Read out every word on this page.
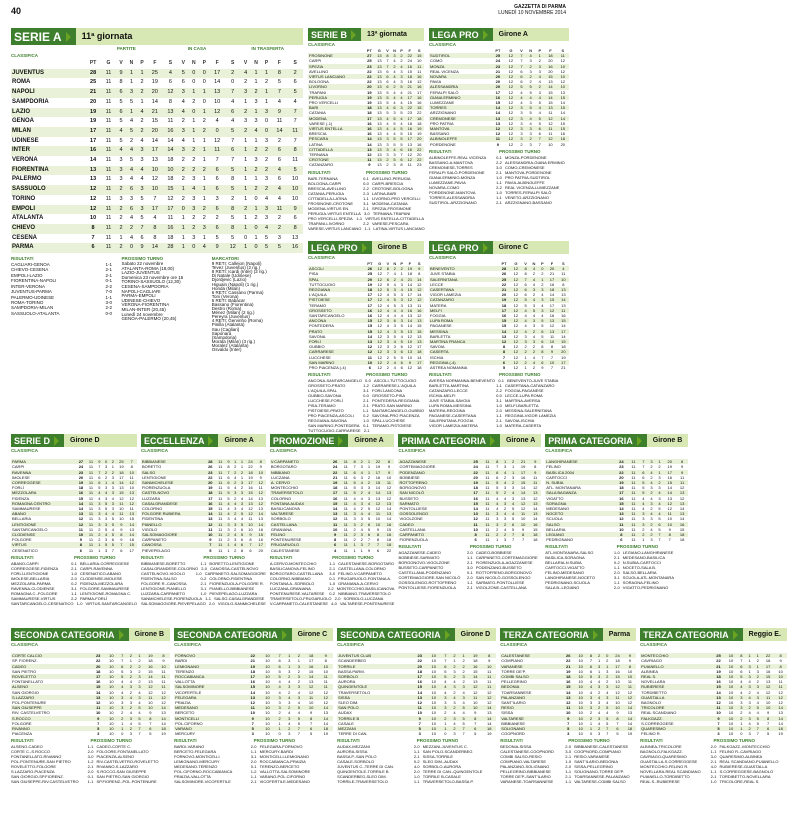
40	GAZZETTA DI PARMA
LUNEDÌ 10 NOVEMBRE 2014
SERIE A	11ª giornata
PARTITE	IN CASA	IN TRASFERTA
CLASSIFICA
	PT	G	V	N	P	F	S	V	N	P	F	S	V	N	P	F	S
JUVENTUS	28	11	9	1	1	25	4	5	0	0	17	2	4	1	1	8	2
ROMA	25	11	8	1	2	19	6	6	0	0	14	0	2	1	2	5	6
NAPOLI	21	11	6	3	2	20	12	3	1	1	13	7	3	2	1	7	5
SAMPDORIA	20	11	5	5	1	14	8	4	2	0	10	4	1	3	1	4	4
LAZIO	19	11	6	1	4	21	13	4	0	1	12	6	2	1	3	9	7
GENOA	19	11	5	4	2	15	11	2	1	2	4	4	3	3	0	11	7
MILAN	17	11	4	5	2	20	16	3	1	2	0	5	2	4	0	14	11
UDINESE	17	11	5	2	4	14	14	4	1	1	12	7	1	1	3	2	7
INTER	16	11	4	4	3	17	14	3	2	1	11	6	1	2	2	6	8
VERONA	14	11	3	5	3	13	18	2	2	1	7	7	1	3	2	6	11
FIORENTINA	13	11	3	4	4	10	10	2	2	2	6	5	1	2	2	4	5
PALERMO	13	11	3	4	4	12	18	2	3	1	6	8	1	1	3	6	10
SASSUOLO	12	11	2	6	3	10	15	1	4	1	6	5	1	2	2	4	10
TORINO	12	11	3	3	5	7	12	2	3	1	3	2	1	0	4	4	10
EMPOLI	12	11	2	6	3	17	17	0	3	2	6	8	2	1	3	11	9
ATALANTA	10	11	2	4	5	4	11	1	2	2	2	5	1	2	3	2	6
CHIEVO	8	11	2	2	7	8	16	1	2	3	6	8	1	0	4	2	8
CESENA	7	11	1	4	6	8	18	1	3	1	5	5	0	1	5	3	13
PARMA	6	11	2	0	9	14	28	1	0	4	9	12	1	0	5	5	16
RISULTATI
CAGLIARI-GENOA	1-1
CHIEVO-CESENA	2-1
EMPOLI-LAZIO	2-1
FIORENTINA-NAPOLI	0-1
INTER-VERONA	2-2
JUVENTUS-PARMA	7-0
PALERMO-UDINESE	1-1
ROMA-TORINO	3-0
SAMPDORIA-MILAN	2-2
SASSUOLO-ATALANTA	0-0
PROSSIMO TURNO
Sabato 22 novembre
ATALANTA-ROMA (18,00)
LAZIO-JUVENTUS
Domenica 23 novembre ore 15
TORINO-SASSUOLO (12,30)
CESENA-SAMPDORIA
NAPOLI-CAGLIARI
PARMA-EMPOLI
UDINESE-CHIEVO
VERONA-FIORENTINA
MILAN-INTER (20,45)
Lunedì 24 novembre
GENOA-PALERMO (20,45)
MARCATORI
9 RETI: Callejon (Napoli)
Tevez (Juventus) (2 rig.)
8 RETI: Icardi (Inter) (2 rig.)
Di Natale (Udinese)
Djordjevic (Lazio)
Higuain (Napoli) (1 rig.)
Honda (Milan)
6 RETI: Cassano (Parma)
Toni (Verona)
5 RETI: Babacar
Bassano (Fiorentina)
Destro (Roma)
Ménez (Milan) (2 rig.)
Pereyra (Juventus)
4 RETI: Gervinho (Roma)
Pinilla (Atalanta)
Sau (Cagliari)
Saponara
(Sampdoria)
Morata (Milan) (3 rig.)
Moralez (Atalanta)
Osvaldo (Inter)
SERIE B	13ª giornata
CLASSIFICA
	PT	G	V	N	P	F	S
FROSINONE	27	13	8	3	2	22	15
CARPI	25	13	7	4	2	24	10
SPEZIA	23	13	7	2	4	16	11
AVELLINO	22	13	6	4	3	15	11
VIRTUS LANCIANO	22	13	6	4	3	18	16
BOLOGNA	22	13	6	4	3	16	12
LIVORNO	20	13	6	2	5	21	16
TRAPANI	19	13	5	4	4	21	17
PERUGIA	19	13	5	4	4	17	16
PRO VERCELLI	19	13	5	4	4	15	16
BARI	18	13	4	6	3	22	15
CATANIA	18	13	5	3	5	23	22
MODENA	17	13	4	5	4	17	18
VARESE (-1)	16	13	4	5	4	18	18
VIRTUS ENTELLA	16	13	4	4	5	16	19
BRESCIA	16	13	4	4	5	15	19
PESCARA	14	13	3	5	5	17	20
LATINA	14	13	3	5	5	13	16
CITTADELLA	13	13	3	4	6	16	22
TERNANA	12	13	3	3	7	12	20
CROTONE	11	13	2	5	6	12	22
CATANZARO	9	13	2	3	8	11	23
RISULTATI	PROSSIMO TURNO
BARI-TERNANA	0-1 AVELLINO-PERUGIA
BOLOGNA-CARPI	0-0 CARPI-BRESCIA
BRESCIA-AVELLINO	2-2 CROTONE-BOLOGNA
CATANIA-PERUGIA	2-3 LATINA-BARI
CITTADELLA-LATINA	1-1 LIVORNO-PRO VERCELLI
FROSINONE-CROTONE	3-1 MODENA-CATANIA
MODENA-VIRTUS EN.	2-1 SPEZIA-FROSINONE
PERUGIA-VIRTUS ENTELLA 3-0 TERNANA-TRAPANI
PRO VERCELLI-SPEZIA 1-1 VIRTUS ENTELLA-CITTADELLA
TRAPANI-LIVORNO	2-2 VARESE-PESCARA
VARESE-VIRTUS LANCIANO 1-1 LATINA-VIRTUS LANCIANO
LEGA PRO	Girone A
CLASSIFICA
	PT	G	V	N	P	F	S
SUDTIROL	25	12	7	4	1	18	11
COMO	24	12	7	3	2	20	12
MONZA	23	12	7	2	3	16	10
REAL VICENZA	21	12	6	3	3	20	12
NOVARA	20	12	6	2	4	15	10
PAVIA	20	12	6	2	4	13	12
ALESSANDRIA	20	12	5	5	2	14	10
FERALPI SALÒ	17	12	4	5	3	15	13
GIANA ERMINIO	16	12	4	4	4	14	15
LUMEZZANE	15	12	4	3	5	15	14
TORRES	14	12	3	5	4	13	15
ARZZIGNANO	14	12	3	5	4	11	14
CREMONESE	13	12	3	4	5	12	14
PRO PATRIA	13	12	3	4	5	12	15
MANTOVA	12	12	3	3	6	11	15
BASSANO	12	12	3	3	6	11	16
ALBINOLEFFE	11	12	3	2	7	12	18
PORDENONE	9	12	2	3	7	10	20
RISULTATI	PROSSIMO TURNO
ALBINOLEFFE-REAL VICENZA	0-1 MONZA-PORDENONE
BASSANO-A.MANTOVA	2-2 ALESSANDRIA-GIANA ERMINIO
CREMONESE-TORRES	3-0 COMO-CREMONESE
FERALPI SALÒ-PORDENONE	2-1 MANTOVA-PORDENONE
GIANA ERMINIO-MONZA	1-0 PRO PATRIA-SUDTIROL
LUMEZZANE-PAVIA	1-1 PAVIA-ALBINOLEFFE
NOVARA-COMO	2-2 REAL VICENZA-LUMEZZANE
PORDENONE-MANTOVA	1-0 TORRES-FERALPI SALÒ
TORRES-ALESSANDRIA	1-1 VENETO-ARZZIGNANO
SUDTIROL-ARZZIGNANO	2-1 ARZZIGNANO-BASSANO
LEGA PRO	Girone B
CLASSIFICA
	PT	G	V	N	P	F	S
ASCOLI	26	12	8	2	2	19	9
PISA	25	12	7	4	1	18	8
SPAL	20	12	6	2	4	21	14
TUTTOCUOIO	19	12	5	4	3	14	12
REGGIANA	18	12	5	3	4	15	12
L'AQUILA	17	12	4	5	3	17	14
PISTOIESE	17	12	4	5	3	12	12
TERAMO	17	12	4	5	3	13	11
GROSSETO	16	12	4	4	4	16	16
SANTARCANGELO	16	12	4	4	4	13	12
ANCONA	15	12	3	6	3	14	13
PONTEDERA	15	12	4	3	5	14	15
PRATO	15	12	4	3	5	13	15
SAVONA	14	12	3	5	4	12	13
FORLÌ	13	12	3	4	5	10	13
GUBBIO	12	12	3	3	6	12	17
CARRARESE	12	12	3	3	6	13	18
LUCCHESE	11	12	2	5	5	10	14
SAN MARINO	10	12	2	4	6	9	17
PRO PIACENZA (-4)	6	12	2	4	6	12	18
RISULTATI	PROSSIMO TURNO
ANCONA-SANTARCANGELO 0-0 ASCOLI-TUTTOCUOIO
GROSSETO-PRATO	1-2 CARRARESE-L'AQUILA
L'AQUILA-SPAL	3-1 FORLÌ-ANCONA
GUBBIO-SAVONA	0-0 GROSSETO-PISA
LUCCHESE-FORLÌ	2-1 PONTEDERA-REGGIANA
PISA-TERAMO	2-1 PRATO-SAN MARINO
PISTOIESE-PRATO	1-1 SANTARCANGELO-GUBBIO
PRO PIACENZA-ASCOLI	0-2 SAVONA-PRO PIACENZA
REGGIANA-SAVONA	1-0 SPAL-LUCCHESE
SAN MARINO-PONTEDERA 0-1 TERAMO-PISTOIESE
TUTTOCUOIO-CARRARESE 2-1
LEGA PRO	Girone C
CLASSIFICA
	PT	G	V	N	P	F	S
BENEVENTO	28	12	8	4	0	20	4
JUVE STABIA	26	12	8	2	2	21	11
SALERNITANA	25	12	7	4	1	17	10
LECCE	22	12	6	4	2	16	8
CASERTANA	21	12	6	3	3	18	13
VIGOR LAMEZIA	20	12	6	2	4	14	13
CATANZARO	19	12	5	4	3	15	14
MATERA	18	12	5	3	4	17	13
MELFI	17	12	4	5	3	12	11
FOGGIA	16	12	4	4	4	16	16
LUPA ROMA	15	12	4	3	5	13	15
PAGANESE	15	12	4	3	5	12	14
MESSINA	14	12	4	2	6	13	17
BARLETTA	13	12	3	4	5	11	14
MARTINA FRANCA	12	12	3	3	6	10	15
SAVOIA	8	12	2	2	8	8	18
CASERTA	8	12	2	2	8	9	20
ISCHIA	7	12	1	4	7	7	19
REGGINA (-4)	6	12	2	4	6	10	17
ASTREA NOMANNA	5	12	1	2	9	7	21
RISULTATI	PROSSIMO TURNO
AVERSA NORMANNA-BENEVENTO 0-1 BENEVENTO-JUVE STABIA
BARLETTA-MARTINA	1-1 CASERTANA-CATANZARO
CATANZARO-LECCE	2-2 FOGGIA-PAGANESE
ISCHIA-MELFI	0-0 LECCE-LUPA ROMA
JUVE STABIA-SAVOIA	3-1 MARTINA-AVERSA
LUPA ROMA-MESSINA	1-0 MELFI-BARLETTA
MATERA-REGGINA	2-0 MESSINA-SALERNITANA
PAGANESE-CASERTANA	1-1 REGGINA-VIGOR LAMEZIA
SALERNITANA-FOGGIA	2-1 SAVOIA-ISCHIA
VIGOR LAMEZIA-MATERA	1-0 MATERA-CASERTA
SERIE D	Girone D
CLASSIFICA

PARMA	27	11	9	0	2	25	7
CARPI	24	11	7	3	1	19	8
RAVENNA	23	11	7	2	2	18	10
IMOLESE	20	11	6	2	3	17	11
CORREGGESE	19	11	6	1	4	14	12
FORLÌ	18	11	5	3	3	13	10
MEZZOLARA	16	11	4	4	3	15	13
FIDENZA	15	11	4	3	4	12	12
ROMAGNA CENTRO	14	11	3	5	3	11	12
SAMMAURESE	14	11	3	5	3	10	11
ABANO	13	11	3	4	4	11	13
BELLARIA	12	11	3	3	5	10	15
LENTIGIONE	12	11	3	3	5	9	14
SANTARCANGELO	11	11	2	5	4	9	13
CLODIENSE	10	11	2	4	5	8	14
FOLGORE	9	11	2	3	6	9	18
VIRTUS	8	11	1	5	5	7	15
CESENATICO	6	11	1	3	7	6	17
RISULTATI	PROSSIMO TURNO
ABANO-CARPI	0-1 BELLARIA-CORREGGESE
CORREGGESE-FIDENZA	2-1 CARPI-RAVENNA
FORLÌ-LENTIGIONE	1-0 CESENATICO-ABANO
IMOLESE-BELLARIA	2-0 CLODIENSE-IMOLESE
MEZZOLARA-PARMA	0-2 FIDENZA-MEZZOLARA
RAVENNA-CLODIENSE	3-1 FOLGORE-SAMMAURESE
ROMAGNA C.-FOLGORE	1-1 LENTIGIONE-ROMAGNA C.
SAMMAURESE-VIRTUS	2-2 PARMA-FORLÌ
SANTARCANGELO-CESENATICO 1-0 VIRTUS-SANTARCANGELO
ECCELLENZA	Girone A
CLASSIFICA

BIBBIANESE	28	11	9	1	1	24	8
BORETTO	26	11	8	2	1	22	9
SALSO	23	11	7	2	2	18	10
LENTIGIONE	22	11	6	4	1	19	9
SANMICHELESE	20	11	6	2	3	17	12
FIORENZUOLA	19	11	5	4	2	16	11
CASTELNOVO	18	11	5	3	3	15	12
LUZZARA	17	11	5	2	4	14	13
CASALGRANDESE	16	11	4	4	3	13	12
COLORNO	15	11	4	3	4	12	13
FOLGORE RUBIERA	14	11	4	2	5	12	14
FIDENTINA	13	11	3	4	4	11	13
PIANELLO	12	11	3	3	5	10	14
VIGOLO	11	11	3	2	6	10	16
SALSOMAGGIORE	10	11	2	4	5	9	15
CARPANETO	9	11	2	3	6	8	16
CANOSSA	7	11	1	4	6	7	17
PIEVEPELAGO	5	11	1	2	8	6	20
RISULTATI	PROSSIMO TURNO
BIBBIANESE-BORETTO	1-1 BORETTO-LENTIGIONE
CASALGRANDESE-COLORNO 2-0 CANOSSA-CASTELNOVO
CASTELNOVO-VIGOLO	1-0 CARPANETO-SALSOMAGGIORE
FIDENTINA-SALSO	0-2 COLORNO-FIDENTINA
FOLGORE R.-CANOSSA	2-1 FIORENZUOLA-FOLGORE R.
LENTIGIONE-PIANELLO	3-1 PIANELLO-BIBBIANESE
LUZZARA-CARPANETO	1-0 PIEVEPELAGO-LUZZARA
SANMICHELESE-FIORENZUOLA 1-1 SALSO-CASALGRANDESE
SALSOMAGGIORE-PIEVEPELAGO 2-0 VIGOLO-SANMICHELESE
PROMOZIONE	Girone A
CLASSIFICA

V.CARPANETO	26	11	8	2	1	22	8
BORGOTARO	24	11	7	3	1	19	9
NIBBIANO	22	11	6	4	1	17	9
LUCZANA	21	11	6	3	2	16	10
A. CERVO	19	11	5	4	2	15	11
MONTECCHIO	18	11	5	3	3	14	12
TRAVERSETOLO	17	11	5	2	4	14	13
COLORNO	16	11	4	4	3	13	12
FONTANA AUDAX	15	11	4	3	4	12	13
BASILICANOVA	14	11	4	2	5	12	14
VALTARESE	13	11	3	4	4	11	13
SORBOLO	12	11	3	3	5	10	14
CASTELLANA	11	11	3	2	6	10	16
GRANIANA	10	11	2	4	5	9	15
FELINO	9	11	2	3	6	8	16
PONTENURESE	8	11	2	2	7	8	18
FRUGARUOLO	6	11	1	3	7	7	18
CALESTANESE	4	11	1	1	9	6	22
RISULTATI	PROSSIMO TURNO
A.CERVO-MONTECCHIO	1-1 CALESTANESE-BORGOTARO
BASILICANOVA-FELINO	2-1 CASTELLANA-COLORNO
BORGOTARO-CASTELLANA	3-0 FELINO-V.CARPANETO
COLORNO-NIBBIANO	0-1 FRUGARUOLO-FONTANA A.
FONTANA A.-SORBOLO	1-0 GRANIANA-A.CERVO
LUCZANA-GRANIANA	2-2 MONTECCHIO-BASILICANOVA
PONTENURESE-VALTARESE	0-2 NIBBIANO-TRAVERSETOLO
TRAVERSETOLO-FRUGARUOLO 2-0 SORBOLO-LUCZANA
V.CARPANETO-CALESTANESE 4-0 VALTARESE-PONTENURESE
PRIMA CATEGORIA	Girone A
CLASSIFICA

AGAZZANESE	25	11	8	1	2	21	9
CORTEMAGGIORE	24	11	7	3	1	19	8
PODENZANO	22	11	6	4	1	17	9
BOBBIESE	20	11	6	2	3	16	11
ROTTOFRENO	19	11	5	4	2	15	11
BORGONOVO	18	11	5	3	3	14	12
SAN NICOLÒ	17	11	5	2	4	14	13
BUSSETO	16	11	4	4	3	13	12
SARMATO	15	11	4	3	4	12	13
PONTOLLIESE	14	11	4	2	5	12	14
GOSSOLENGO	13	11	3	4	4	11	13
VIGOLZONE	12	11	3	3	5	10	14
CADEO	11	11	3	2	6	10	16
CASTELLANA	10	11	2	4	5	9	15
CARPANETO	8	11	2	2	7	8	18
FIORENZUOLA	6	11	1	3	7	7	18
RISULTATI	PROSSIMO TURNO
AGAZZANESE-CADEO	2-0 CADEO-BOBBIESE
BOBBIESE-SARMATO	1-1 CARPANETO-CORTEMAGGIORE
BORGONOVO-VIGOLZONE	2-1 FIORENZUOLA-AGAZZANESE
BUSSETO-CARPANETO	3-0 PODENZANO-BUSSETO
CASTELLANA-PODENZANO	0-1 ROTTOFRENO-BORGONOVO
CORTEMAGGIORE-SAN NICOLÒ	2-0 SAN NICOLÒ-GOSSOLENGO
GOSSOLENGO-ROTTOFRENO	1-1 SARMATO-PONTOLLIESE
PONTOLLIESE-FIORENZUOLA	2-1 VIGOLZONE-CASTELLANA
PRIMA CATEGORIA	Girone B
CLASSIFICA

LANGHIRANESE	24	11	7	3	1	20	8
FELINO	23	11	7	2	2	19	9
BASILICA 2004	22	11	6	4	1	17	9
CARTOCCI	20	11	6	2	3	16	11
N. SUBIA	19	11	5	4	2	15	11
ATL. MONTANARA	18	11	5	3	3	14	12
SALA BAGANZA	17	11	5	2	4	14	13
VIGATTO	16	11	4	4	3	13	12
SORAGNA	15	11	4	3	4	12	13
MEDESANO	14	11	4	2	5	12	14
NOCETO	13	11	3	4	4	11	13
SCUOLA	12	11	3	3	5	10	14
SALSO	11	11	3	2	6	10	16
BELLARIA	10	11	2	4	5	9	15
LEGIANO	8	11	2	2	7	8	18
PEDRIGNANO	6	11	1	3	7	7	18
RISULTATI	PROSSIMO TURNO
ATL.MONTANARA-SALSO	1-0 LEGIANO-LANGHIRANESE
BASILICA-SORAGNA	2-1 MEDESANO-BASILICA
BELLARIA-N.SUBIA	0-2 N.SUBIA-CARTOCCI
CARTOCCI-VIGATTO	1-1 NOCETO-SALA B.
FELINO-MEDESANO	2-0 SALSO-BELLARIA
LANGHIRANESE-NOCETO	3-1 SCUOLA-ATL.MONTANARA
PEDRIGNANO-SCUOLA	1-1 SORAGNA-FELINO
SALA B.-LEGIANO	2-0 VIGATTO-PEDRIGNANO
SECONDA CATEGORIA	Girone B
CLASSIFICA

CORTE CALCIO	23	10	7	2	1	19	8
SP. FIORENZ.	22	10	7	1	2	18	9
CADEO	20	10	6	2	2	16	10
SAN PIETRO	18	10	5	3	2	15	11
ROVELETTO	17	10	5	2	3	14	11
FONTANELLATO	16	10	4	4	2	13	11
ALSENO	15	10	4	3	3	12	11
SAN GIORGIO	14	10	4	2	4	12	12
S.LAZZARO	13	10	3	4	3	11	12
POL.PONTENURE	12	10	3	3	4	10	12
SAN GIUSEPPE	11	10	3	2	5	10	14
RIV. CASTELVETRO	10	10	2	4	4	9	13
S.ROCCO	9	10	2	3	5	8	14
FOLGORE	7	10	1	4	5	7	14
RIVANNO	5	10	1	2	7	6	18
PIACENZA	3	10	0	3	7	5	19
RISULTATI	PROSSIMO TURNO
ALSENO-CADEO	1-1 CADEO-CORTE C.
CORTE C.-S.ROCCO	2-0 FOLGORE-FONTANELLATO
FONTANELLATO-RIVANNO	3-0 PIACENZA-ALSENO
POL.PONTENURE-SAN PIETRO	1-2 RIV.CASTELVETRO-ROVELETTO
ROVELETTO-FOLGORE	2-1 RIVANNO-S.LAZZARO
S.LAZZARO-PIACENZA	2-0 S.ROCCO-SAN GIUSEPPE
SAN GIORGIO-SP.FIORENZ.	0-1 SAN PIETRO-SAN GIORGIO
SAN GIUSEPPE-RIV.CASTELVETRO	1-1 SP.FIORENZ.-POL.PONTENURE
SECONDA CATEGORIA	Girone C
CLASSIFICA

FORNOVO	22	10	7	1	2	18	9
BARDI	21	10	6	3	1	17	8
LEMIGNANO	19	10	6	1	3	16	10
TERENZO	18	10	5	3	2	15	10
ROCCABIANCA	17	10	5	2	3	14	11
VALLOTTA	16	10	4	4	2	13	11
SALSOMINORE	15	10	4	3	3	12	11
VICOFERTILE	14	10	4	2	4	12	12
FELEGARA	13	10	3	4	3	11	12
PRAIZIA	12	10	3	3	4	10	12
MEDESANO	11	10	3	2	5	10	14
BERCETO	10	10	2	4	4	9	13
MONTICELLI	9	10	2	3	5	8	14
POL.CIFORNO	7	10	1	4	5	7	14
VARANO	5	10	1	2	7	6	18
MERCURY	3	10	0	3	7	5	19
RISULTATI	PROSSIMO TURNO
BARDI-VARANO	2-0 FELEGARA-FORNOVO
BERCETO-FELEGARA	1-1 MERCURY-BARDI
FORNOVO-MONTICELLI	3-1 MONTICELLI-LEMIGNANO
LEMIGNANO-MERCURY	2-0 ROCCABIANCA-PRAIZIA
MEDESANO-TERENZO	0-1 TERENZO-BERCETO
POL.CIFORNO-ROCCABIANCA	1-2 VALLOTTA-SALSOMINORE
PRAIZIA-VALLOTTA	1-1 VARANO-POL.CIFORNO
SALSOMINORE-VICOFERTILE	2-1 VICOFERTILE-MEDESANO
SECONDA CATEGORIA	Girone D
CLASSIFICA

JUVENTUS CLUB	23	10	7	2	1	19	8
SCANDERBEG	22	10	7	1	2	18	9
TORRILE	20	10	6	2	2	16	10
BASSA PARM.	18	10	5	3	2	15	11
SORBOLO	17	10	5	2	3	14	11
AURORA	16	10	4	4	2	13	11
QUINGENTOLE	15	10	4	3	3	12	11
TRAVERSETOLO	14	10	4	2	4	12	12
SISSA	13	10	3	4	3	11	12
SLEO DIM.	12	10	3	3	4	10	12
SAN POLO	11	10	3	2	5	10	14
AUDAX	10	10	2	4	4	9	13
TORRILE B	9	10	2	3	5	8	14
CASALE	7	10	1	4	5	7	14
MEZZANI	5	10	1	2	7	6	18
TERRE DI CAN.	3	10	0	3	7	5	19
RISULTATI	PROSSIMO TURNO
AUDAX-MEZZANI	2-0 MEZZANI-JUVENTUS C.
AURORA-SISSA	1-1 SAN POLO-SCANDERBEG
BASSA P.-SAN POLO	2-1 SISSA-TORRILE
CASALE-SORBOLO	0-2 SLEO DIM.-AUDAX
JUVENTUS C.-TERRE DI CAN.	4-0 SORBOLO-AURORA
QUINGENTOLE-TORRILE B	2-0 TERRE DI CAN.-QUINGENTOLE
SCANDERBEG-SLEO DIM.	1-0 TORRILE B-CASALE
TORRILE-TRAVERSETOLO	1-1 TRAVERSETOLO-BASSA P.
TERZA CATEGORIA	Parma
CLASSIFICA

CALESTANESE	26	10	8	2	0	24	9
COMPIANO	22	10	7	1	2	18	9
VARANESE	21	10	6	3	1	17	8
TORRE DE'P.	19	10	6	1	3	16	10
COMBI SALSO	18	10	5	3	2	15	10
PELLEGRINO	16	10	4	4	2	13	11
BEDONIA	15	10	4	3	3	12	11
TOARSANNESE	14	10	4	2	4	12	12
PALANZANO	13	10	3	4	3	11	12
SANT'ILARIO	12	10	3	3	4	10	12
RESIO	11	10	3	2	5	10	14
SISSA	10	10	2	4	4	9	13
VALTARESE	9	10	2	3	5	8	14
BIBBIANESE	7	10	1	4	5	7	14
SOLIGNANO	5	10	1	2	7	6	18
COOPNORD	3	10	0	3	7	5	19
RISULTATI	PROSSIMO TURNO
BEDONIA-SISSA	2-0 BIBBIANESE-CALESTANESE
CALESTANESE-COOPNORD	3-0 COOPNORD-COMPIANO
COMBI SALSO-RESIO	2-1 RESIO-VARANESE
COMPIANO-VALTARESE	1-0 SANT'ILARIO-BEDONIA
PALANZANO-SOLIGNANO	2-0 SISSA-PELLEGRINO
PELLEGRINO-BIBBIANESE	1-1 SOLIGNANO-TORRE DE'P.
TORRE DE'P.-SANT'ILARIO	2-1 TOARSANNESE-PALANZANO
VARANESE-TOARSANNESE	1-1 VALTARESE-COMBI SALSO
TERZA CATEGORIA	Reggio E.
CLASSIFICA

MONTECCHIO	25	10	8	1	1	22	8
CAVRIAGO	22	10	7	1	2	18	9
PUIANELLO	21	10	6	3	1	17	8
ALBINEA	19	10	6	1	3	16	10
REAL S.	18	10	5	3	2	15	10
NOVELLARA	16	10	4	4	2	13	11
RUBIERESE	15	10	4	3	3	12	11
TORDIBETTO	14	10	4	2	4	12	12
GUASTALLA	13	10	3	4	3	11	12
BAGNOLO	12	10	3	3	4	10	12
TRICOLORE	11	10	3	2	5	10	14
REAL SCANDIANO	10	10	2	4	4	9	13
FALKGAZZ.	9	10	2	3	5	8	14
S.CORREGGESE	7	10	1	4	5	7	14
QUARESIMO	5	10	1	2	7	6	18
FELINO R.	3	10	0	3	7	5	19
RISULTATI	PROSSIMO TURNO
ALBINEA-TRICOLORE	2-0 FALKGAZZ.-MONTECCHIO
BAGNOLO-FALKGAZZ.	1-1 FELINO R.-CAVRIAGO
CAVRIAGO-QUARESIMO	3-0 QUARESIMO-ALBINEA
GUASTALLA-S.CORREGGESE	2-1 REAL SCANDIANO-PUIANELLO
MONTECCHIO-FELINO R.	4-0 RUBIERESE-GUASTALLA
NOVELLARA-REAL SCANDIANO	1-1 S.CORREGGESE-BAGNOLO
PUIANELLO-TORDIBETTO	2-1 TORDIBETTO-NOVELLARA
REAL S.-RUBIERESE	1-0 TRICOLORE-REAL S.
